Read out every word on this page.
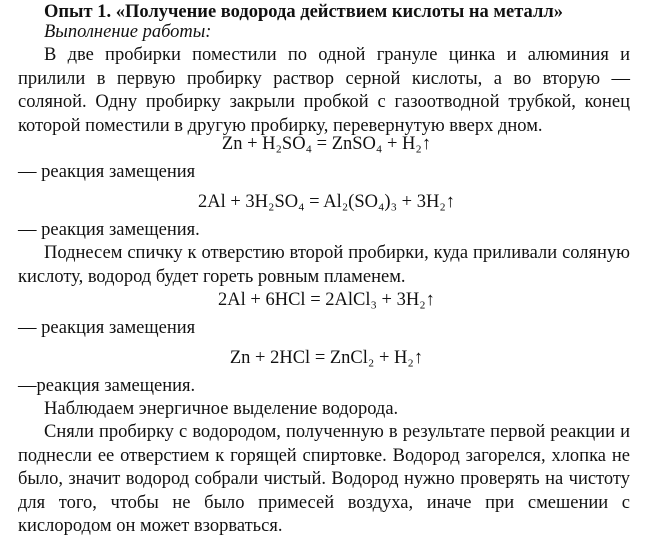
Опыт 1. «Получение водорода действием кислоты на металл»
Выполнение работы:
В две пробирки поместили по одной грануле цинка и алюминия и прилили в первую пробирку раствор серной кислоты, а во вторую — соляной. Одну пробирку закрыли пробкой с газоотводной трубкой, конец которой поместили в другую пробирку, перевернутую вверх дном.
Zn + H₂SO₄ = ZnSO₄ + H₂↑
— реакция замещения
2Al + 3H₂SO₄ = Al₂(SO₄)₃ + 3H₂↑
— реакция замещения.
Поднесем спичку к отверстию второй пробирки, куда приливали соляную кислоту, водород будет гореть ровным пламенем.
2Al + 6HCl = 2AlCl₃ + 3H₂↑
— реакция замещения
Zn + 2HCl = ZnCl₂ + H₂↑
—реакция замещения.
Наблюдаем энергичное выделение водорода.
Сняли пробирку с водородом, полученную в результате первой реакции и поднесли ее отверстием к горящей спиртовке. Водород загорелся, хлопка не было, значит водород собрали чистый. Водород нужно проверять на чистоту для того, чтобы не было примесей воздуха, иначе при смешении с кислородом он может взорваться.
